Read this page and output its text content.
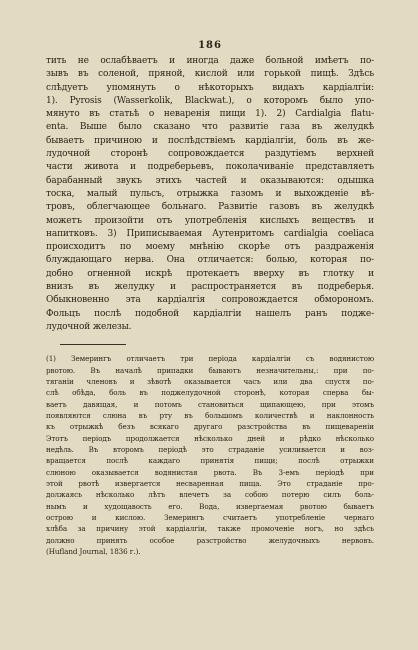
186
тить не ослабѣваетъ и иногда даже больной имѣетъ по-
зывъ въ соленой, пряной, кислой или горькой пищѣ. Здѣсь
слѣдуетъ упомянуть о нѣкоторыхъ видахъ кардіалгіи:
1). Pyrosis (Wasserkolik, Blackwat.), о которомъ было упо-
мянуто въ статьѣ о неваренія пищи 1). 2) Cardialgia flatu-
enta. Выше было сказано что развитіе газа въ желудкѣ
бываетъ причиною и послѣдствіемъ кардіалгіи, боль въ же-
лудочной сторонѣ сопровождается раздутіемъ верхней
части живота и подреберьевъ, поколачиваніе представляетъ
барабанный звукъ этихъ частей и оказываются: одышка
тоска, малый пульсъ, отрыжка газомъ и выхожденіе вѣ-
тровъ, облегчающее больнаго. Развитіе газовъ въ желудкѣ
можетъ произойти отъ употребленія кислыхъ веществъ и
напитковъ. 3) Приписываемая Аутенритомъ cardialgia coeliaca
происходитъ по моему мнѣнію скорѣе отъ раздраженія
блуждающаго нерва. Она отличается: болью, которая по-
добно огненной искрѣ протекаетъ вверху въ глотку и
внизъ въ желудку и распространяется въ подреберья.
Обыкновенно эта кардіалгія сопровождается обморономъ.
Фольцъ послѣ подобной кардіалгіи нашелъ ранъ подже-
лудочной железы.
(1) Земерингъ отличаетъ три періода кардіалгіи съ водянистою
рвотою. Въ началѣ припадки бываютъ незначительны,: при по-
тяганіи членовъ и зѣвотѣ оказывается часъ или два спустя по-
слѣ обѣда, боль въ поджелудочной сторонѣ, которая сперва бы-
ваетъ давящая, и потомъ становиться щипающею, при этомъ
появляются слюна въ рту въ большомъ количествѣ и наклонность
къ отрыжкѣ безъ всякаго другаго разстройства въ пищевареніи
Этотъ періодъ продолжается нѣсколько дней и рѣдко нѣсколько
недѣль. Въ второмъ періодѣ это страданіе усиливается и воз-
вращается послѣ каждаго принятія пищи; послѣ отрыжки
слюною оказывается водянистая рвота. Въ 3-емъ періодѣ при
этой рвотѣ извергается несваренная пища. Это страданіе про-
должаясь нѣсколько лѣтъ влечетъ за собою потерю силъ боль-
нымъ и худощавость его. Вода, извергаемая рвотою бываетъ
острою и кислою. Земерингъ считаетъ употребленіе чернаго
хлѣба за причину этой кардіалгіи, также промоченіе ногъ, но здѣсь
должно принять особое разстройство желудочныхъ нервовъ.
(Hufland Journal, 1836 г.).
